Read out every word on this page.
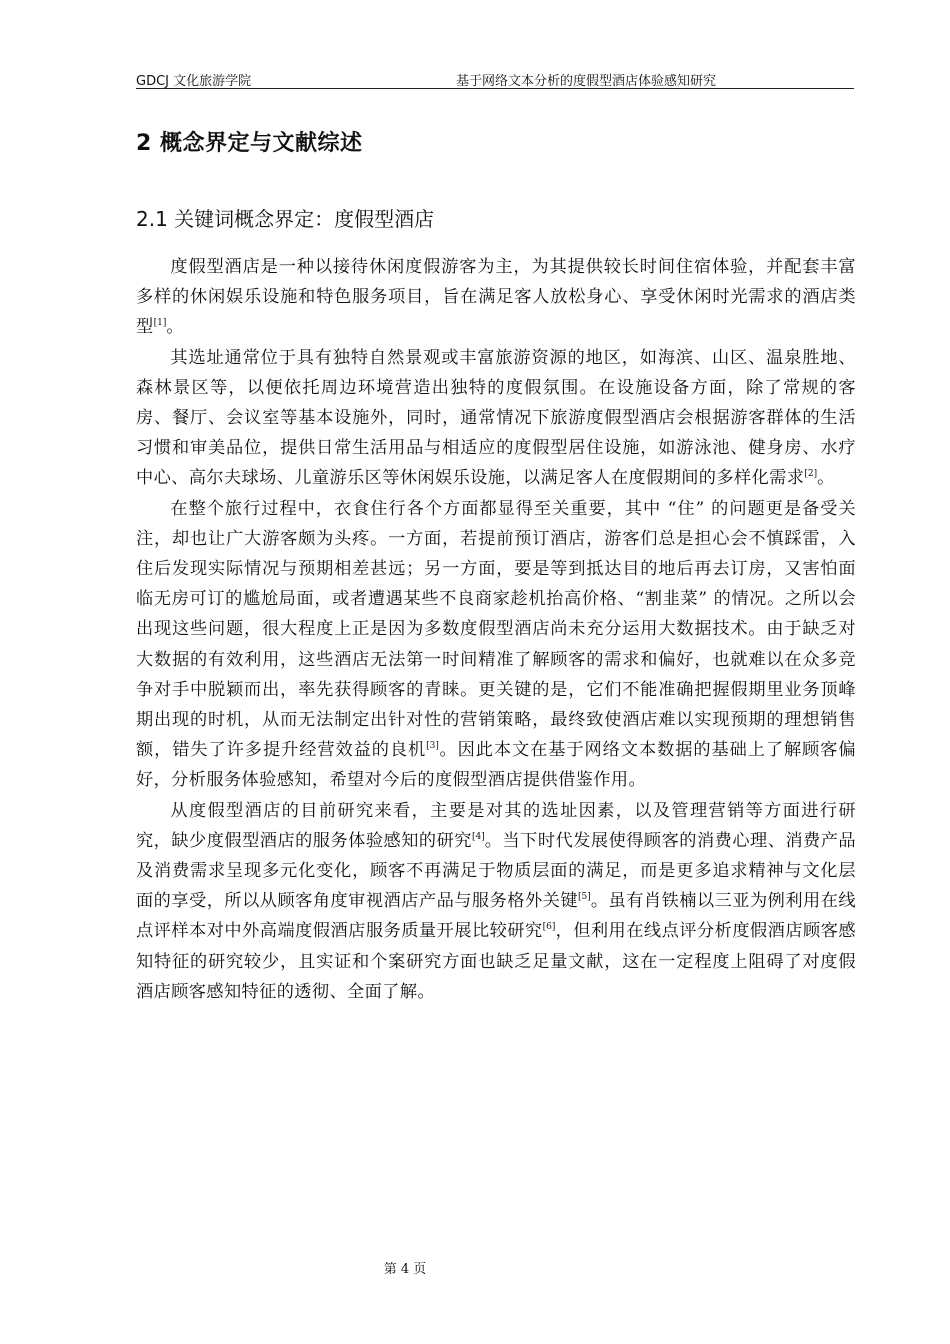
GDCJ 文化旅游学院	基于网络文本分析的度假型酒店体验感知研究
2 概念界定与文献综述
2.1 关键词概念界定：度假型酒店

度假型酒店是一种以接待休闲度假游客为主，为其提供较长时间住宿体验，并配套丰富多样的休闲娱乐设施和特色服务项目，旨在满足客人放松身心、享受休闲时光需求的酒店类型[1]。

其选址通常位于具有独特自然景观或丰富旅游资源的地区，如海滨、山区、温泉胜地、森林景区等，以便依托周边环境营造出独特的度假氛围。在设施设备方面，除了常规的客房、餐厅、会议室等基本设施外，同时，通常情况下旅游度假型酒店会根据游客群体的生活习惯和审美品位，提供日常生活用品与相适应的度假型居住设施，如游泳池、健身房、水疗中心、高尔夫球场、儿童游乐区等休闲娱乐设施，以满足客人在度假期间的多样化需求[2]。

在整个旅行过程中，衣食住行各个方面都显得至关重要，其中 “住” 的问题更是备受关注，却也让广大游客颇为头疼。一方面，若提前预订酒店，游客们总是担心会不慎踩雷，入住后发现实际情况与预期相差甚远；另一方面，要是等到抵达目的地后再去订房，又害怕面临无房可订的尴尬局面，或者遭遇某些不良商家趁机抬高价格、“割韭菜” 的情况。之所以会出现这些问题，很大程度上正是因为多数度假型酒店尚未充分运用大数据技术。由于缺乏对大数据的有效利用，这些酒店无法第一时间精准了解顾客的需求和偏好，也就难以在众多竞争对手中脱颖而出，率先获得顾客的青睐。更关键的是，它们不能准确把握假期里业务顶峰期出现的时机，从而无法制定出针对性的营销策略，最终致使酒店难以实现预期的理想销售额，错失了许多提升经营效益的良机[3]。因此本文在基于网络文本数据的基础上了解顾客偏好，分析服务体验感知，希望对今后的度假型酒店提供借鉴作用。

从度假型酒店的目前研究来看，主要是对其的选址因素，以及管理营销等方面进行研究，缺少度假型酒店的服务体验感知的研究[4]。当下时代发展使得顾客的消费心理、消费产品及消费需求呈现多元化变化，顾客不再满足于物质层面的满足，而是更多追求精神与文化层面的享受，所以从顾客角度审视酒店产品与服务格外关键[5]。虽有肖铁楠以三亚为例利用在线点评样本对中外高端度假酒店服务质量开展比较研究[6]，但利用在线点评分析度假酒店顾客感知特征的研究较少，且实证和个案研究方面也缺乏足量文献，这在一定程度上阻碍了对度假酒店顾客感知特征的透彻、全面了解。

第 4 页
